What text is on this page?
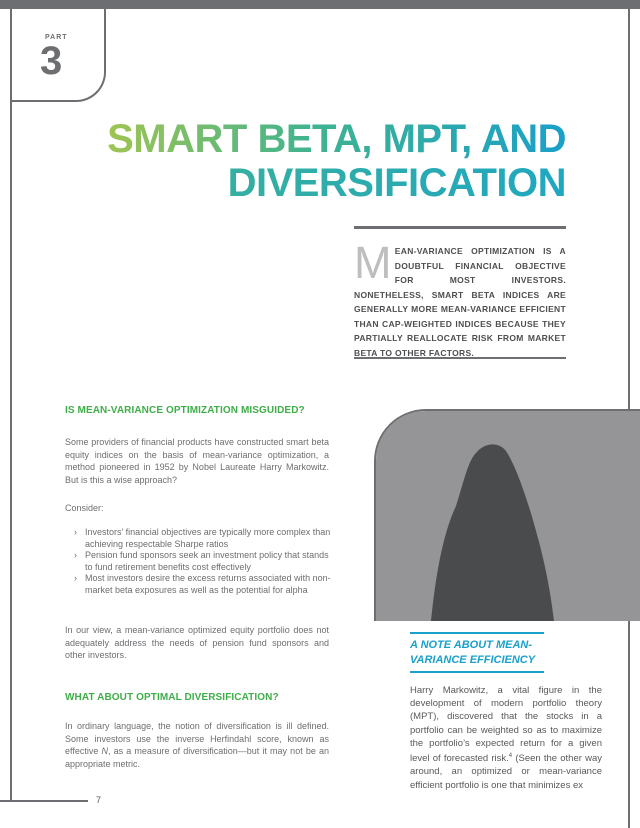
PART
3
SMART BETA, MPT, AND
DIVERSIFICATION
MEAN-VARIANCE OPTIMIZATION IS A DOUBTFUL FINANCIAL OBJECTIVE FOR MOST INVESTORS. NONETHELESS, SMART BETA INDICES ARE GENERALLY MORE MEAN-VARIANCE EFFICIENT THAN CAP-WEIGHTED INDICES BECAUSE THEY PARTIALLY REALLOCATE RISK FROM MARKET BETA TO OTHER FACTORS.
IS MEAN-VARIANCE OPTIMIZATION MISGUIDED?
Some providers of financial products have constructed smart beta equity indices on the basis of mean-variance optimization, a method pioneered in 1952 by Nobel Laureate Harry Markowitz. But is this a wise approach?
Consider:
› Investors’ financial objectives are typically more complex than achieving respectable Sharpe ratios
› Pension fund sponsors seek an investment policy that stands to fund retirement benefits cost effectively
› Most investors desire the excess returns associated with non-market beta exposures as well as the potential for alpha
In our view, a mean-variance optimized equity portfolio does not adequately address the needs of pension fund sponsors and other investors.
WHAT ABOUT OPTIMAL DIVERSIFICATION?
In ordinary language, the notion of diversification is ill defined. Some investors use the inverse Herfindahl score, known as effective N, as a measure of diversification—but it may not be an appropriate metric.
A NOTE ABOUT MEAN-VARIANCE EFFICIENCY
Harry Markowitz, a vital figure in the development of modern portfolio theory (MPT), discovered that the stocks in a portfolio can be weighted so as to maximize the portfolio’s expected return for a given level of forecasted risk.$^4$ (Seen the other way around, an optimized or mean-variance efficient portfolio is one that minimizes ex
7
